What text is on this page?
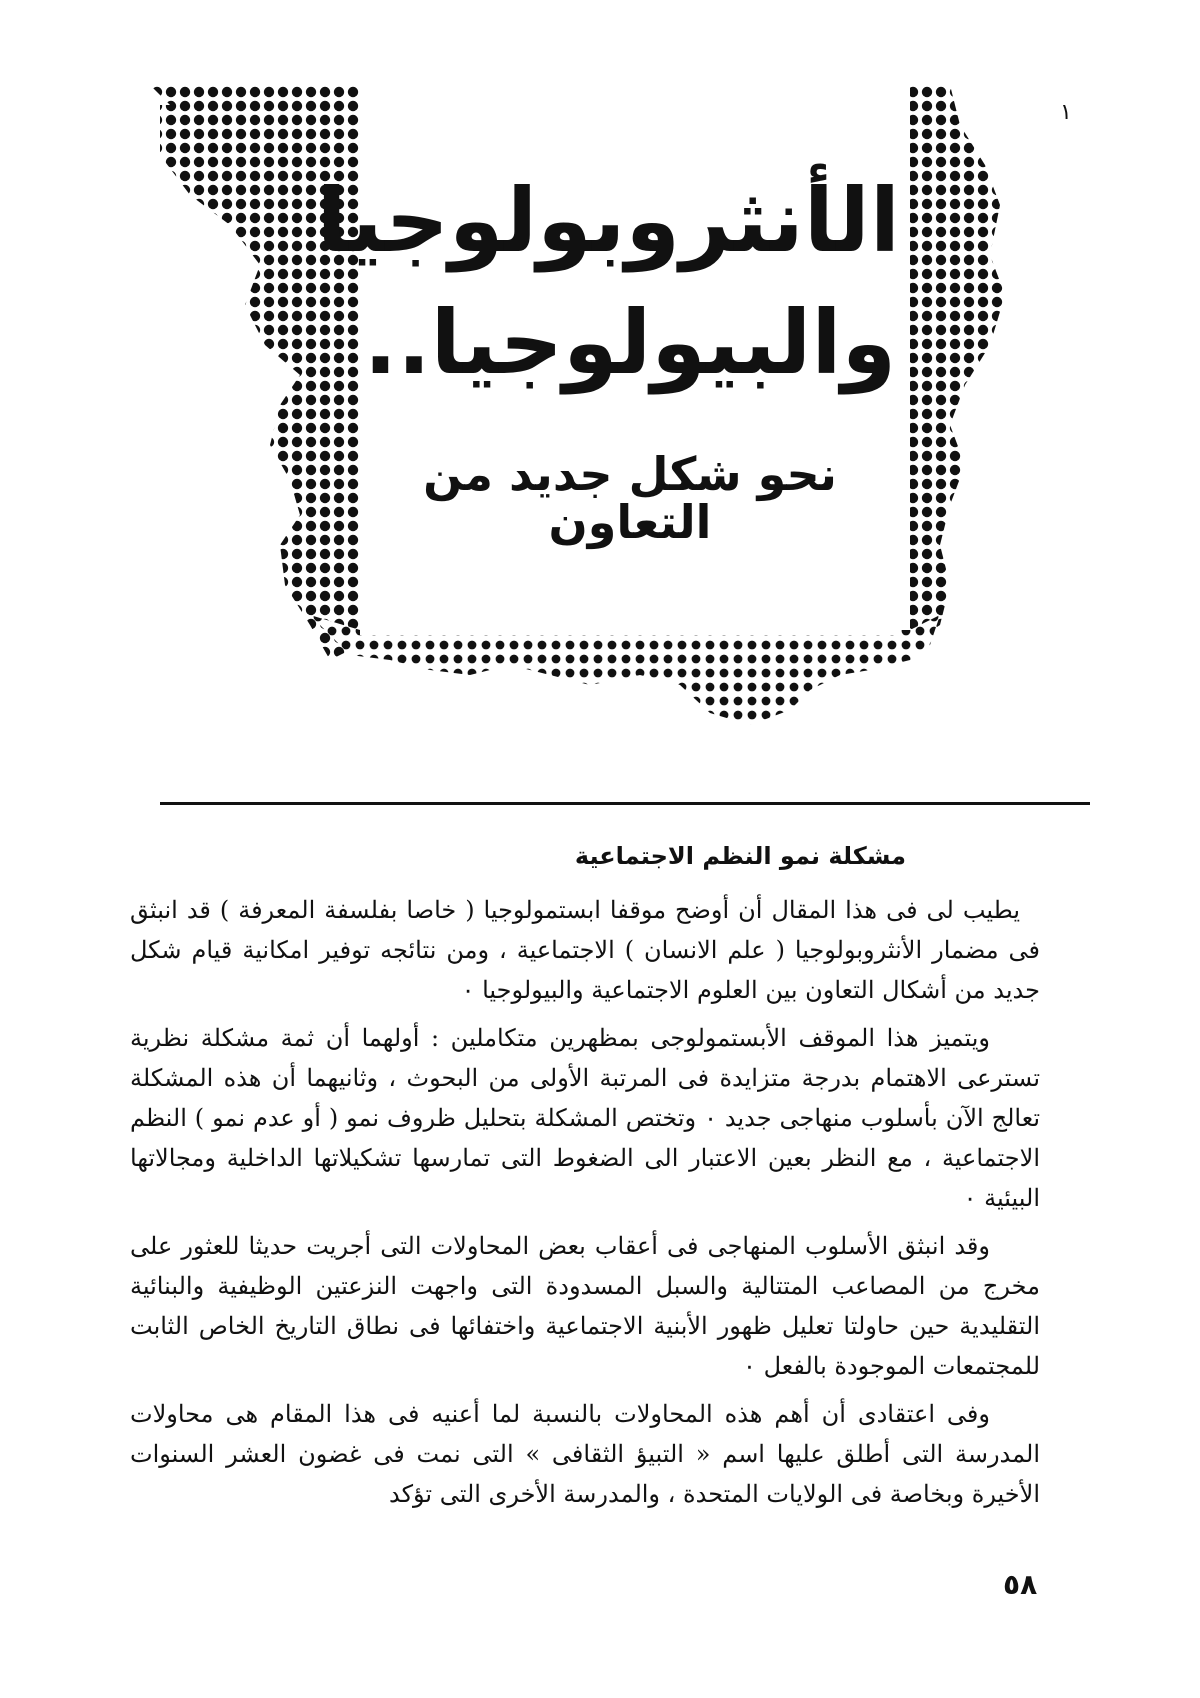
الأنثروبولوجيا

والبيولوجيا..

نحو شكل جديد من التعاون

١
مشكلة نمو النظم الاجتماعية

يطيب لى فى هذا المقال أن أوضح موقفا ابستمولوجيا ( خاصا بفلسفة المعرفة ) قد انبثق فى مضمار الأنثروبولوجيا ( علم الانسان ) الاجتماعية ، ومن نتائجه توفير امكانية قيام شكل جديد من أشكال التعاون بين العلوم الاجتماعية والبيولوجيا ٠

ويتميز هذا الموقف الأبستمولوجى بمظهرين متكاملين : أولهما أن ثمة مشكلة نظرية تسترعى الاهتمام بدرجة متزايدة فى المرتبة الأولى من البحوث ، وثانيهما أن هذه المشكلة تعالج الآن بأسلوب منهاجى جديد ٠ وتختص المشكلة بتحليل ظروف نمو ( أو عدم نمو ) النظم الاجتماعية ، مع النظر بعين الاعتبار الى الضغوط التى تمارسها تشكيلاتها الداخلية ومجالاتها البيئية ٠

وقد انبثق الأسلوب المنهاجى فى أعقاب بعض المحاولات التى أجريت حديثا للعثور على مخرج من المصاعب المتتالية والسبل المسدودة التى واجهت النزعتين الوظيفية والبنائية التقليدية حين حاولتا تعليل ظهور الأبنية الاجتماعية واختفائها فى نطاق التاريخ الخاص الثابت للمجتمعات الموجودة بالفعل ٠

وفى اعتقادى أن أهم هذه المحاولات بالنسبة لما أعنيه فى هذا المقام هى محاولات المدرسة التى أطلق عليها اسم « التبيؤ الثقافى » التى نمت فى غضون العشر السنوات الأخيرة وبخاصة فى الولايات المتحدة ، والمدرسة الأخرى التى تؤكد

٥٨
